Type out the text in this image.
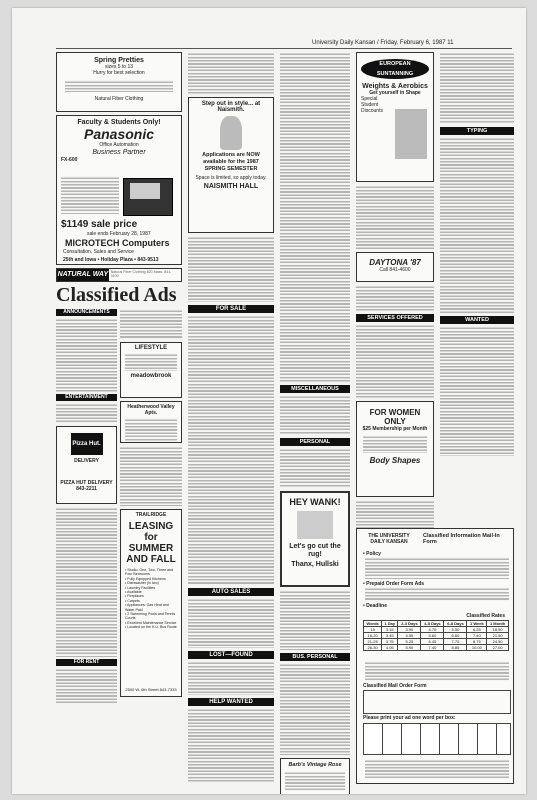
University Daily Kansan / Friday, February 6, 1987 11
Spring Pretties
sizes 5 to 13
Hurry for best selection
Natural Fiber Clothing
Faculty & Students Only!
Panasonic
Office Automation
Business Partner
FX-600
$1149 sale price
sale ends February 28, 1987
MICROTECH Computers
Consultation, Sales and Service
25th and Iowa • Holiday Plaza • 843-9513
NATURAL WAY Natural Fiber Clothing 820 Mass. 841-0100
Classified Ads
ANNOUNCEMENTS
ENTERTAINMENT
Pizza Hut.
DELIVERY
PIZZA HUT DELIVERY 843-2211
FOR RENT
LIFESTYLE
meadowbrook
Heatherwood Valley Apts.
TRAILRIDGE
LEASING for SUMMER AND FALL
• Studio, One, Two, Three and Four Bedrooms
• Fully Equipped Kitchens
• Dishwasher (in two)
• Laundry Facilities
• Available
• Fireplaces
• Carpets
• Appliances: Gas Heat and Water Paid
• 2 Swimming Pools and Tennis Courts
• Excellent Maintenance Service
• Located on the K.U. Bus Route
2500 W. 6th Street 843-7333
Step out in style... at Naismith.
Applications are NOW available for the 1987 SPRING SEMESTER
Space is limited, so apply today.
NAISMITH HALL
FOR SALE
AUTO SALES
LOST—FOUND
HELP WANTED
MISCELLANEOUS
PERSONAL
HEY WANK!
Let's go cut the rug!
Thanx, Hullski
BUS. PERSONAL
Barb's Vintage Rose
EUROPEAN SUNTANNING
Weights & Aerobics
Get yourself in Shape
Special Student Discounts
DAYTONA '87
Call 841-4600
SERVICES OFFERED
FOR WOMEN ONLY
$25 Membership per Month
Body Shapes
TYPING
WANTED
THE UNIVERSITY DAILY KANSAN
Classified Information Mail-In Form
• Policy
• Prepaid Order Form Ads
• Deadline
Classified Rates
Words	1 Day	2-3 Days	4-5 Days	6-8 Days	1 Week	1 Month
15	3.15	3.90	4.75	5.50	6.25	18.50
16-20	3.45	4.55	5.60	6.60	7.40	21.50
21-25	3.75	5.25	6.45	7.70	8.75	24.50
26-30	4.05	5.90	7.40	8.85	10.00	27.00
Classified Mail Order Form
Please print your ad one word per box:
